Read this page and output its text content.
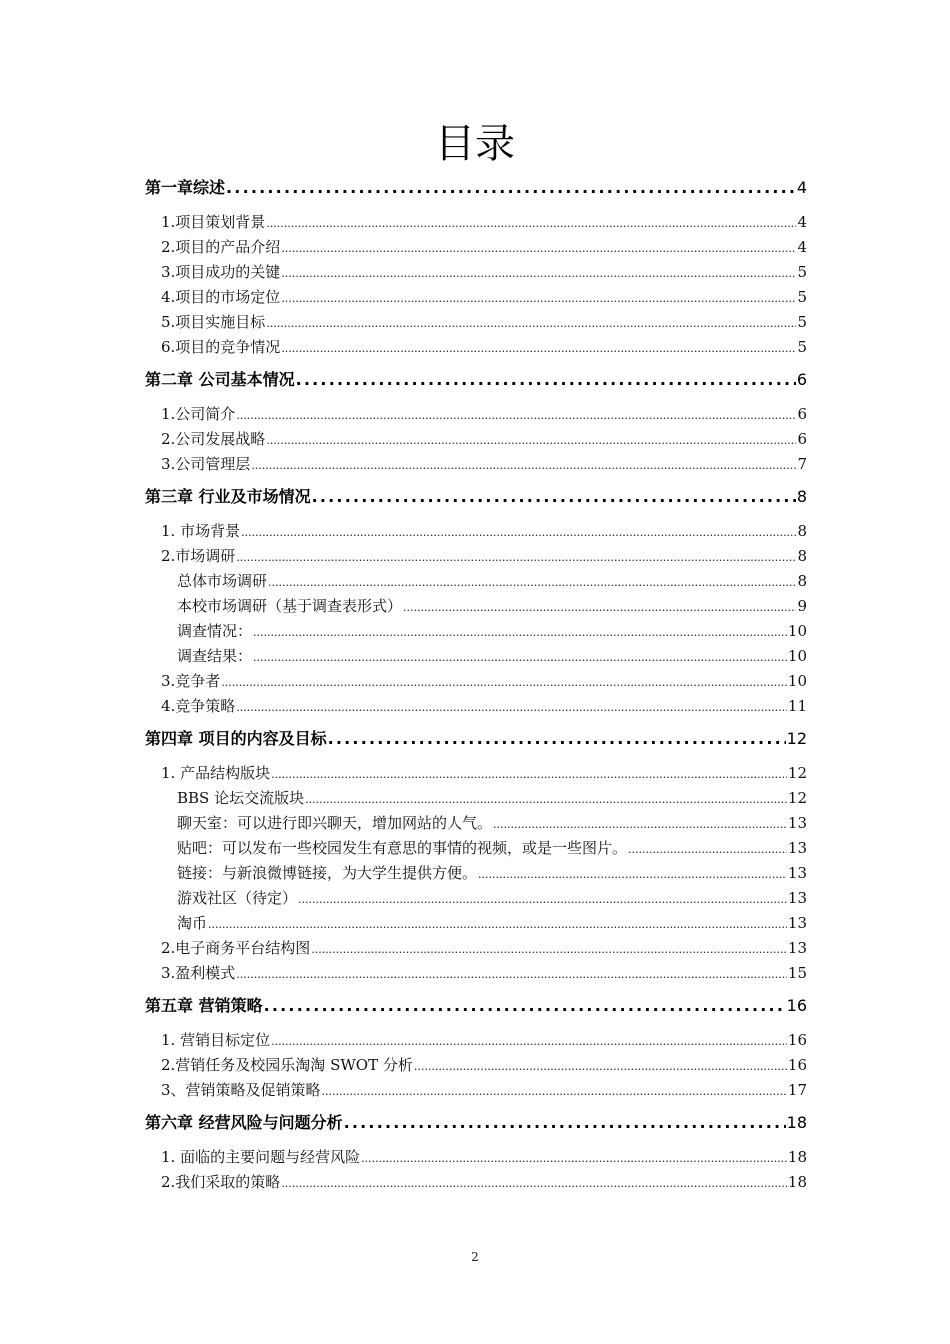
目录
第一章综述 .....	4
1.项目策划背景 .....	4
2.项目的产品介绍 .....	4
3.项目成功的关键 .....	5
4.项目的市场定位 .....	5
5.项目实施目标 .....	5
6.项目的竞争情况 .....	5
第二章 公司基本情况 .....	6
1.公司简介 .....	6
2.公司发展战略 .....	6
3.公司管理层 .....	7
第三章 行业及市场情况 .....	8
1. 市场背景 .....	8
2.市场调研 .....	8
总体市场调研 .....	8
本校市场调研（基于调查表形式） .....	9
调查情况： .....	10
调查结果： .....	10
3.竞争者 .....	10
4.竞争策略 .....	11
第四章 项目的内容及目标 .....	12
1. 产品结构版块 .....	12
BBS 论坛交流版块 .....	12
聊天室：可以进行即兴聊天，增加网站的人气。 .....	13
贴吧：可以发布一些校园发生有意思的事情的视频，或是一些图片。 .....	13
链接：与新浪微博链接，为大学生提供方便。 .....	13
游戏社区（待定） .....	13
淘币 .....	13
2.电子商务平台结构图 .....	13
3.盈利模式 .....	15
第五章 营销策略 .....	16
1. 营销目标定位 .....	16
2.营销任务及校园乐淘淘 SWOT 分析 .....	16
3、营销策略及促销策略 .....	17
第六章 经营风险与问题分析 .....	18
1. 面临的主要问题与经营风险 .....	18
2.我们采取的策略 .....	18
2
